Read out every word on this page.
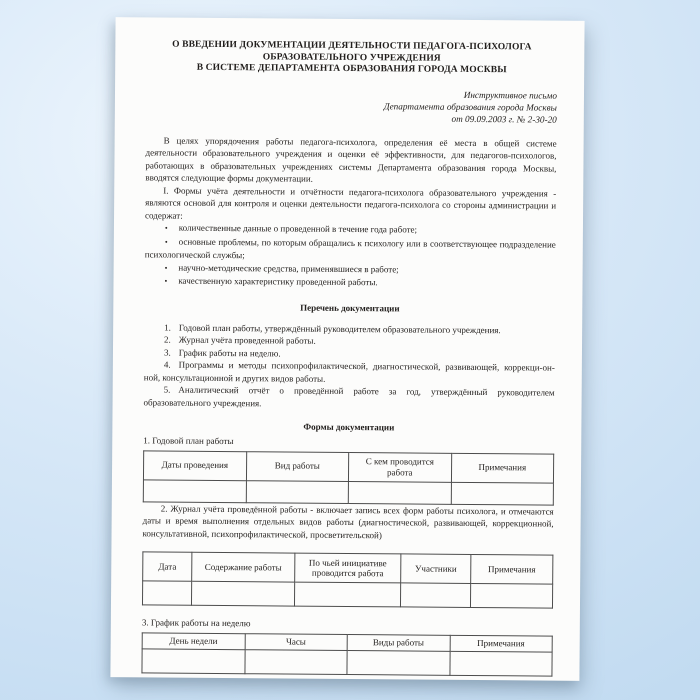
О ВВЕДЕНИИ ДОКУМЕНТАЦИИ ДЕЯТЕЛЬНОСТИ ПЕДАГОГА-ПСИХОЛОГА
ОБРАЗОВАТЕЛЬНОГО УЧРЕЖДЕНИЯ
В СИСТЕМЕ ДЕПАРТАМЕНТА ОБРАЗОВАНИЯ ГОРОДА МОСКВЫ
Инструктивное письмо
Департамента образования города Москвы
от 09.09.2003 г. № 2-30-20

В целях упорядочения работы педагога-психолога, определения её места в общей системе деятельности образовательного учреждения и оценки её эффективности, для педагогов-психологов, работающих в образовательных учреждениях системы Департамента образования города Москвы, вводятся следующие формы документации.

I. Формы учёта деятельности и отчётности педагога-психолога образовательного учреждения - являются основой для контроля и оценки деятельности педагога-психолога со стороны администрации и содержат:

• количественные данные о проведенной в течение года работе;

• основные проблемы, по которым обращались к психологу или в соответствующее подразделение психологической службы;

• научно-методические средства, применявшиеся в работе;

• качественную характеристику проведенной работы.

Перечень документации

1. Годовой план работы, утверждённый руководителем образовательного учреждения.

2. Журнал учёта проведенной работы.

3. График работы на неделю.

4. Программы и методы психопрофилактической, диагностической, развивающей, коррекци-он-ной, консультационной и других видов работы.

5. Аналитический отчёт о проведённой работе за год, утверждённый руководителем образовательного учреждения.

Формы документации

1. Годовой план работы

Даты проведения	Вид работы	С кем проводится работа	Примечания

2. Журнал учёта проведённой работы - включает запись всех форм работы психолога, и отмечаются даты и время выполнения отдельных видов работы (диагностической, развивающей, коррекционной, консультативной, психопрофилактической, просветительской)

Дата	Содержание работы	По чьей инициативе проводится работа	Участники	Примечания

3. График работы на неделю

День недели	Часы	Виды работы	Примечания
